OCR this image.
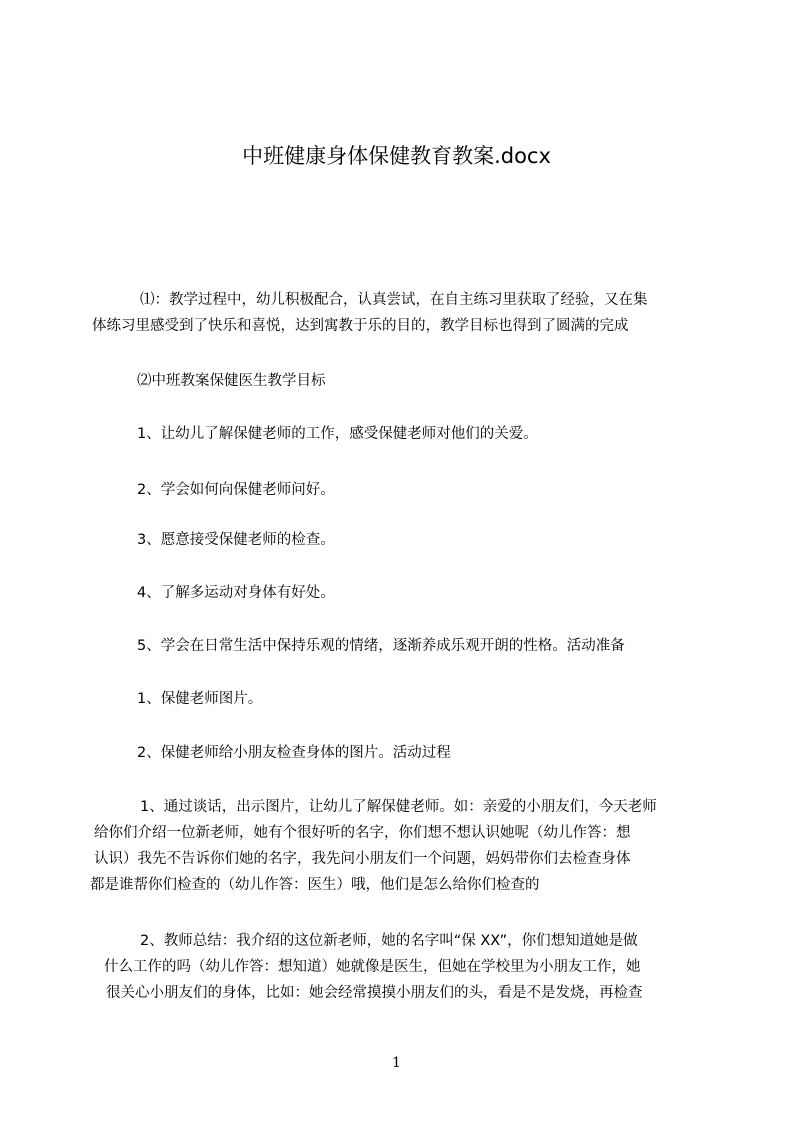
中班健康身体保健教育教案.docx
⑴：教学过程中，幼儿积极配合，认真尝试，在自主练习里获取了经验，又在集
体练习里感受到了快乐和喜悦，达到寓教于乐的目的，教学目标也得到了圆满的完成
⑵中班教案保健医生教学目标
1、让幼儿了解保健老师的工作，感受保健老师对他们的关爱。
2、学会如何向保健老师问好。
3、愿意接受保健老师的检查。
4、了解多运动对身体有好处。
5、学会在日常生活中保持乐观的情绪，逐渐养成乐观开朗的性格。活动准备
1、保健老师图片。
2、保健老师给小朋友检查身体的图片。活动过程
1、通过谈话，出示图片，让幼儿了解保健老师。如：亲爱的小朋友们，今天老师
给你们介绍一位新老师，她有个很好听的名字，你们想不想认识她呢（幼儿作答：想
认识）我先不告诉你们她的名字，我先问小朋友们一个问题，妈妈带你们去检查身体
都是谁帮你们检查的（幼儿作答：医生）哦，他们是怎么给你们检查的
2、教师总结：我介绍的这位新老师，她的名字叫“保 XX”，你们想知道她是做
什么工作的吗（幼儿作答：想知道）她就像是医生，但她在学校里为小朋友工作，她
很关心小朋友们的身体，比如：她会经常摸摸小朋友们的头，看是不是发烧，再检查
1
